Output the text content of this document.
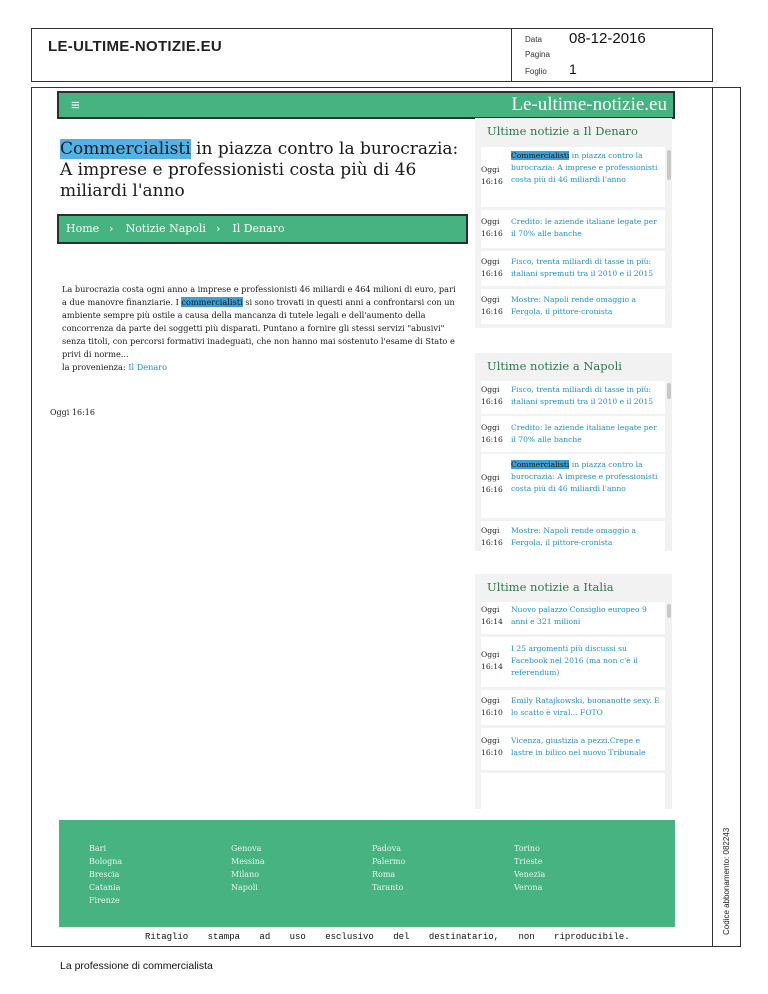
LE-ULTIME-NOTIZIE.EU	Data 08-12-2016
Pagina
Foglio 1
Codice abbonamento: 082243
≡	Le-ultime-notizie.eu
Commercialisti in piazza contro la burocrazia: A imprese e professionisti costa più di 46 miliardi l'anno
Home › Notizie Napoli › Il Denaro
La burocrazia costa ogni anno a imprese e professionisti 46 miliardi e 464 milioni di euro, pari a due manovre finanziarie. I commercialisti si sono trovati in questi anni a confrontarsi con un ambiente sempre più ostile a causa della mancanza di tutele legali e dell'aumento della concorrenza da parte dei soggetti più disparati. Puntano a fornire gli stessi servizi "abusivi" senza titoli, con percorsi formativi inadeguati, che non hanno mai sostenuto l'esame di Stato e privi di norme...
la provenienza: Il Denaro
Oggi 16:16
Ultime notizie a Il Denaro
Oggi
16:16
Commercialisti in piazza contro la burocrazia: A imprese e professionisti costa più di 46 miliardi l'anno
Oggi
16:16
Credito: le aziende italiane legate per il 70% alle banche
Oggi
16:16
Fisco, trenta miliardi di tasse in più: italiani spremuti tra il 2010 e il 2015
Oggi
16:16
Mostre: Napoli rende omaggio a Fergola, il pittore-cronista
Ultime notizie a Napoli
Oggi
16:16
Fisco, trenta miliardi di tasse in più: italiani spremuti tra il 2010 e il 2015
Oggi
16:16
Credito: le aziende italiane legate per il 70% alle banche
Oggi
16:16
Commercialisti in piazza contro la burocrazia: A imprese e professionisti costa più di 46 miliardi l'anno
Oggi
16:16
Mostre: Napoli rende omaggio a Fergola, il pittore-cronista
Ultime notizie a Italia
Oggi
16:14
Nuovo palazzo Consiglio europeo 9 anni e 321 milioni
Oggi
16:14
I 25 argomenti più discussi su Facebook nel 2016 (ma non c'è il referendum)
Oggi
16:10
Emily Ratajkowski, buonanotte sexy. E lo scatto è viral... FOTO
Oggi
16:10
Vicenza, giustizia a pezzi.Crepe e lastre in bilico nel nuovo Tribunale
Bari
Bologna
Brescia
Catania
Firenze
Genova
Messina
Milano
Napoli
Padova
Palermo
Roma
Taranto
Torino
Trieste
Venezia
Verona
Ritaglio stampa ad uso esclusivo del destinatario, non riproducibile.
La professione di commercialista
